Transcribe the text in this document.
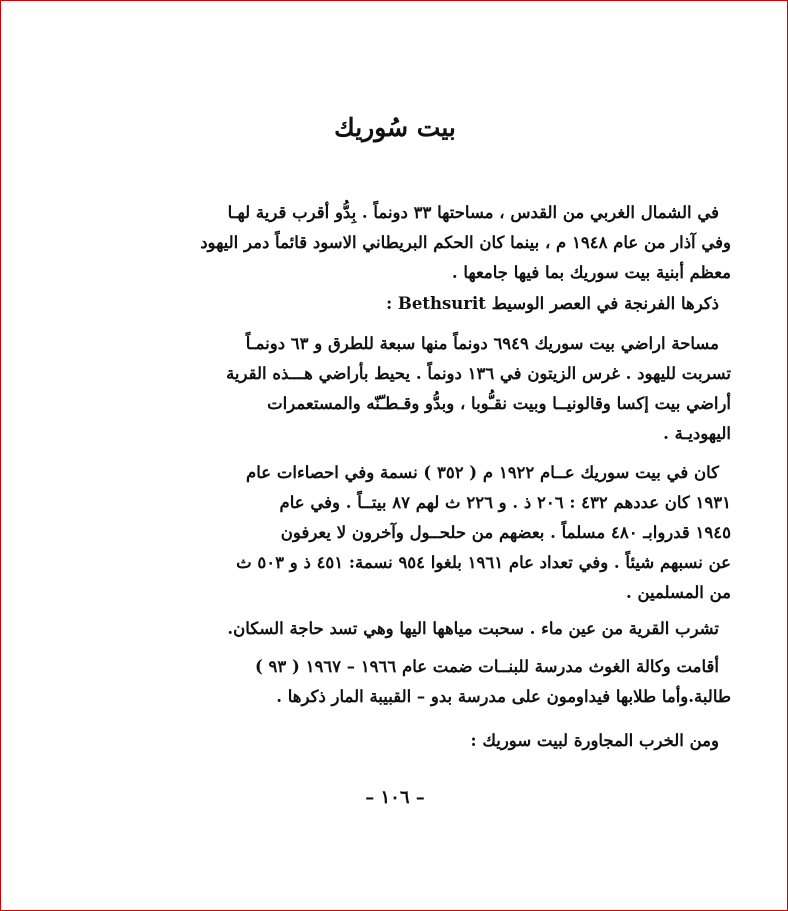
بيت سُوريك
في الشمال الغربي من القدس ، مساحتها ٣٣ دونماً . بِدُّو أقرب قرية لهـا
وفي آذار من عام ١٩٤٨ م ، بينما كان الحكم البريطاني الاسود قائماً دمر اليهود
معظم أبنية بيت سوريك بما فيها جامعها .
ذكرها الفرنجة في العصر الوسيط Bethsurit :
مساحة اراضي بيت سوريك ٦٩٤٩ دونماً منها سبعة للطرق و ٦٣ دونمـاً
تسربت لليهود . غرس الزيتون في ١٣٦ دونماً . يحيط بأراضي هـــذه القرية
أراضي بيت إكسا وقالونيــا وبيت نقـُّوبا ، وبدُّو وقـطـّنّه والمستعمرات
اليهوديـة .
كان في بيت سوريك عــام ١٩٢٢ م ( ٣٥٢ ) نسمة وفي احصاءات عام
١٩٣١ كان عددهم ٤٣٢ : ٢٠٦ ذ . و ٢٢٦ ث لهم ٨٧ بيتــاً . وفي عام
١٩٤٥ قدروابـ ٤٨٠ مسلماً . بعضهم من حلحــول وآخرون لا يعرفون
عن نسبهم شيئاً . وفي تعداد عام ١٩٦١ بلغوا ٩٥٤ نسمة: ٤٥١ ذ و ٥٠٣ ث
من المسلمين .
تشرب القرية من عين ماء . سحبت مياهها اليها وهي تسد حاجة السكان.
أقامت وكالة الغوث مدرسة للبنــات ضمت عام ١٩٦٦ – ١٩٦٧ ( ٩٣ )
طالبة.وأما طلابها فيداومون على مدرسة بدو – القبيبة المار ذكرها .
ومن الخرب المجاورة لبيت سوريك :
– ١٠٦ –
